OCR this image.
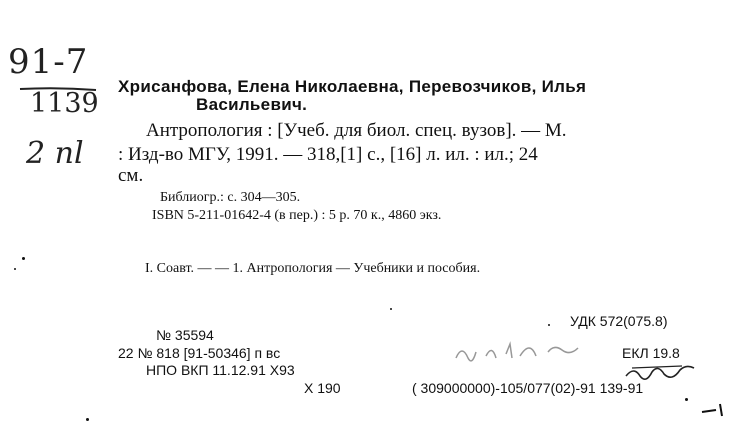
91-7
1139
2 nl
Хрисанфова, Елена Николаевна, Перевозчиков, Илья
Васильевич.
Антропология : [Учеб. для биол. спец. вузов]. — М.
: Изд-во МГУ, 1991. — 318,[1] с., [16] л. ил. : ил.; 24
см.
Библиогр.: с. 304—305.
ISBN 5-211-01642-4 (в пер.) : 5 р. 70 к., 4860 экз.
I. Соавт. — — 1. Антропология — Учебники и пособия.
УДК 572(075.8)
№ 35594
22 № 818 [91-50346] п вс
НПО ВКП 11.12.91 Х93
Х 190
ЕКЛ 19.8
( 309000000)-105/077(02)-91 139-91
